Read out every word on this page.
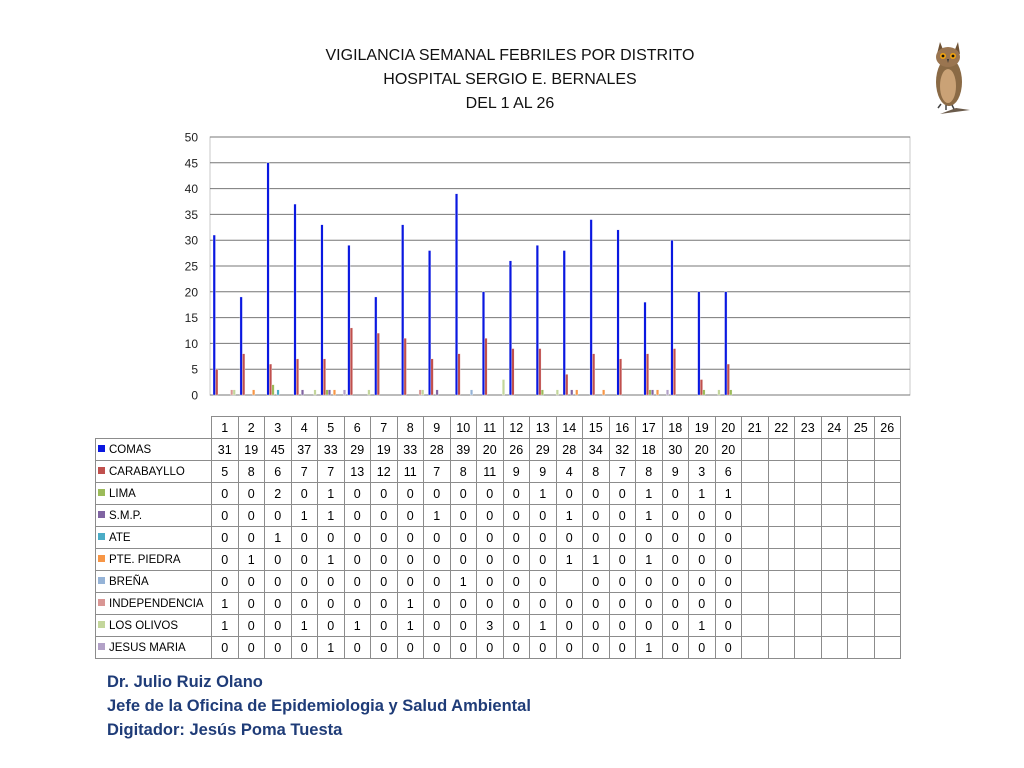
VIGILANCIA SEMANAL FEBRILES POR DISTRITO
HOSPITAL SERGIO E. BERNALES
DEL 1 AL 26
0
5
10
15
20
25
30
35
40
45
50
	1	2	3	4	5	6	7	8	9	10	11	12	13	14	15	16	17	18	19	20	21	22	23	24	25	26
COMAS	31	19	45	37	33	29	19	33	28	39	20	26	29	28	34	32	18	30	20	20						
CARABAYLLO	5	8	6	7	7	13	12	11	7	8	11	9	9	4	8	7	8	9	3	6						
LIMA	0	0	2	0	1	0	0	0	0	0	0	0	1	0	0	0	1	0	1	1						
S.M.P.	0	0	0	1	1	0	0	0	1	0	0	0	0	1	0	0	1	0	0	0						
ATE	0	0	1	0	0	0	0	0	0	0	0	0	0	0	0	0	0	0	0	0						
PTE. PIEDRA	0	1	0	0	1	0	0	0	0	0	0	0	0	1	1	0	1	0	0	0						
BREÑA	0	0	0	0	0	0	0	0	0	1	0	0	0		0	0	0	0	0	0						
INDEPENDENCIA	1	0	0	0	0	0	0	1	0	0	0	0	0	0	0	0	0	0	0	0						
LOS OLIVOS	1	0	0	1	0	1	0	1	0	0	3	0	1	0	0	0	0	0	1	0						
JESUS MARIA	0	0	0	0	1	0	0	0	0	0	0	0	0	0	0	0	1	0	0	0						
Dr. Julio Ruiz Olano
Jefe de la Oficina de Epidemiologia y Salud Ambiental
Digitador: Jesús Poma Tuesta
